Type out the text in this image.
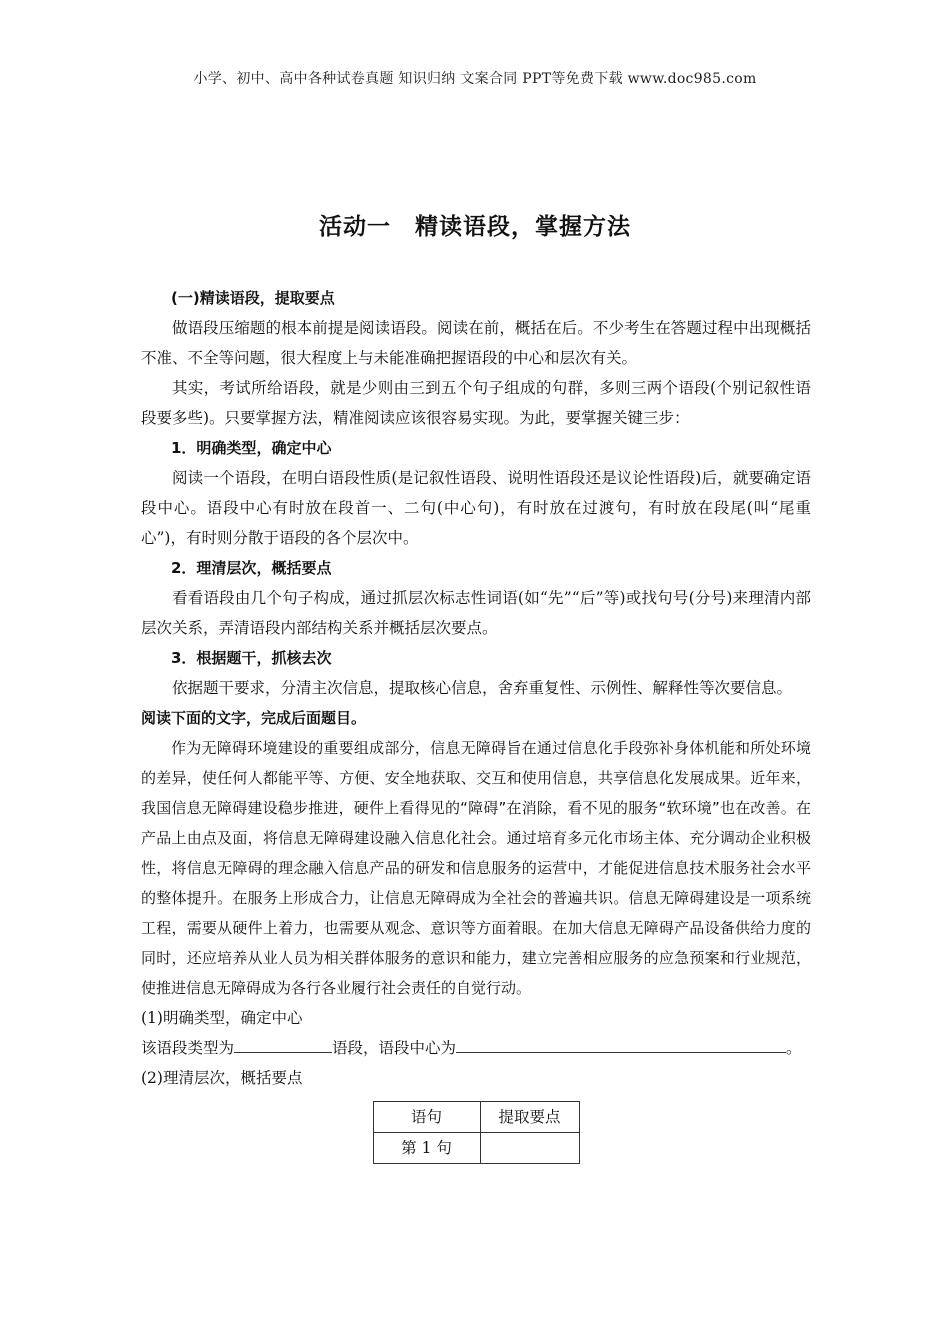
小学、初中、高中各种试卷真题 知识归纳 文案合同 PPT等免费下载 www.doc985.com
活动一　精读语段，掌握方法

(一)精读语段，提取要点

做语段压缩题的根本前提是阅读语段。阅读在前，概括在后。不少考生在答题过程中出现概括不准、不全等问题，很大程度上与未能准确把握语段的中心和层次有关。

其实，考试所给语段，就是少则由三到五个句子组成的句群，多则三两个语段(个别记叙性语段要多些)。只要掌握方法，精准阅读应该很容易实现。为此，要掌握关键三步：

1．明确类型，确定中心

阅读一个语段，在明白语段性质(是记叙性语段、说明性语段还是议论性语段)后，就要确定语段中心。语段中心有时放在段首一、二句(中心句)，有时放在过渡句，有时放在段尾(叫“尾重心”)，有时则分散于语段的各个层次中。

2．理清层次，概括要点

看看语段由几个句子构成，通过抓层次标志性词语(如“先”“后”等)或找句号(分号)来理清内部层次关系，弄清语段内部结构关系并概括层次要点。

3．根据题干，抓核去次

依据题干要求，分清主次信息，提取核心信息，舍弃重复性、示例性、解释性等次要信息。

阅读下面的文字，完成后面题目。

作为无障碍环境建设的重要组成部分，信息无障碍旨在通过信息化手段弥补身体机能和所处环境的差异，使任何人都能平等、方便、安全地获取、交互和使用信息，共享信息化发展成果。近年来，我国信息无障碍建设稳步推进，硬件上看得见的“障碍”在消除，看不见的服务“软环境”也在改善。在产品上由点及面，将信息无障碍建设融入信息化社会。通过培育多元化市场主体、充分调动企业积极性，将信息无障碍的理念融入信息产品的研发和信息服务的运营中，才能促进信息技术服务社会水平的整体提升。在服务上形成合力，让信息无障碍成为全社会的普遍共识。信息无障碍建设是一项系统工程，需要从硬件上着力，也需要从观念、意识等方面着眼。在加大信息无障碍产品设备供给力度的同时，还应培养从业人员为相关群体服务的意识和能力，建立完善相应服务的应急预案和行业规范，使推进信息无障碍成为各行各业履行社会责任的自觉行动。

(1)明确类型，确定中心

该语段类型为	语段，语段中心为	。

(2)理清层次，概括要点

语句	提取要点
第 1 句	
